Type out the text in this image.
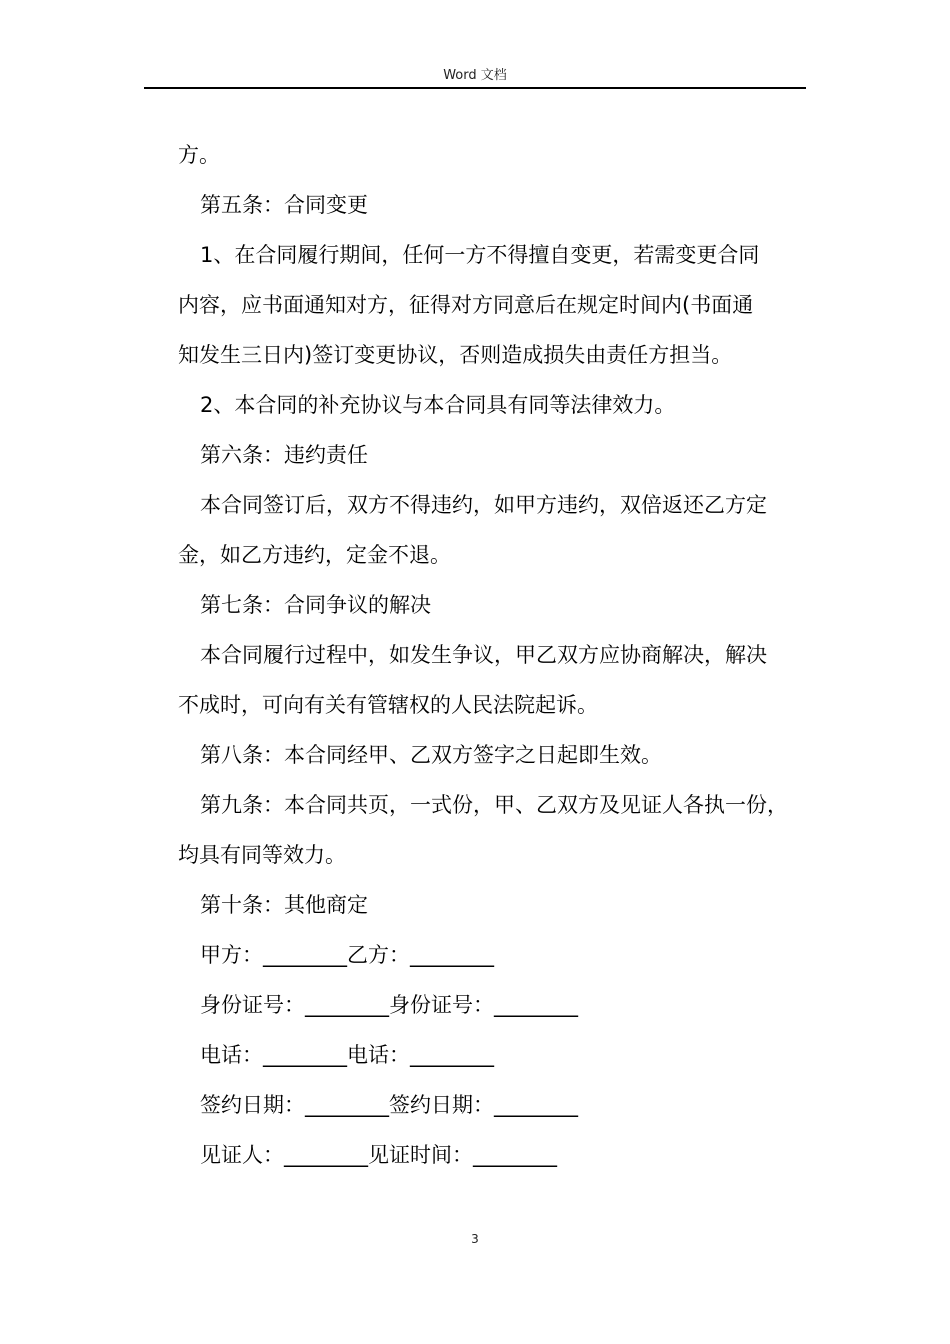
Word 文档

方。

第五条：合同变更

1、在合同履行期间，任何一方不得擅自变更，若需变更合同

内容，应书面通知对方，征得对方同意后在规定时间内(书面通

知发生三日内)签订变更协议，否则造成损失由责任方担当。

2、本合同的补充协议与本合同具有同等法律效力。

第六条：违约责任

本合同签订后，双方不得违约，如甲方违约，双倍返还乙方定

金，如乙方违约，定金不退。

第七条：合同争议的解决

本合同履行过程中，如发生争议，甲乙双方应协商解决，解决

不成时，可向有关有管辖权的人民法院起诉。

第八条：本合同经甲、乙双方签字之日起即生效。

第九条：本合同共页，一式份，甲、乙双方及见证人各执一份，

均具有同等效力。

第十条：其他商定

甲方：________乙方：________

身份证号：________身份证号：________

电话：________电话：________

签约日期：________签约日期：________

见证人：________见证时间：________

3
